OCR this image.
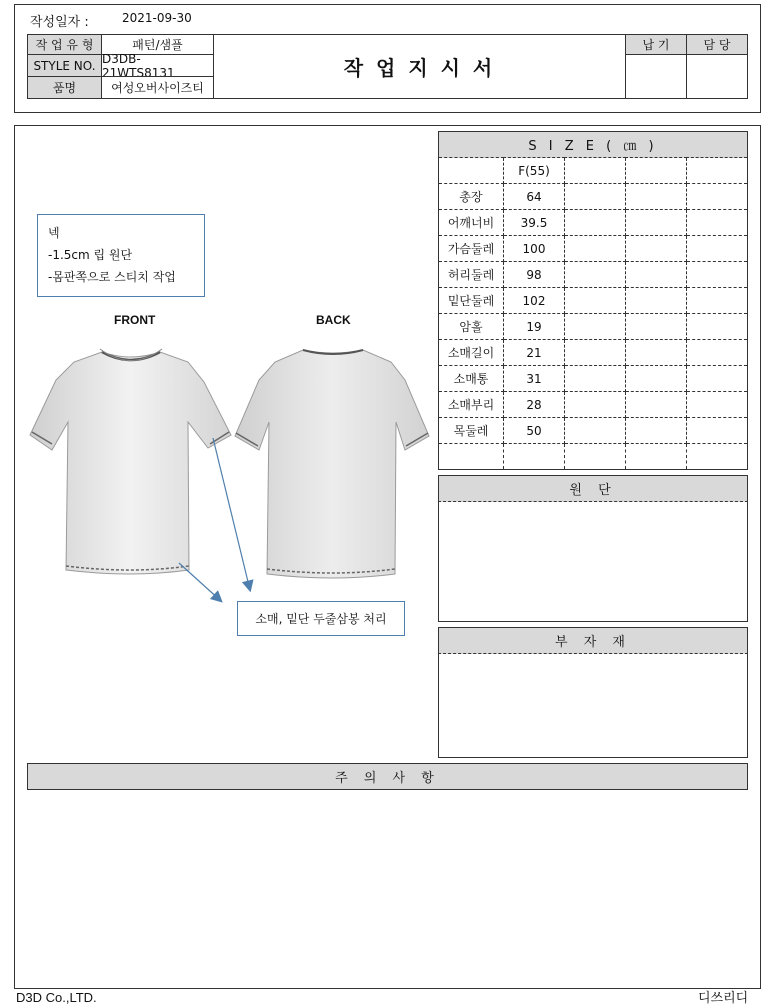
작성일자 :	2021-09-30
작 업 유 형	패턴/샘플
STYLE NO. D3DB-21WTS8131
품명	여성오버사이즈티
작 업 지 시 서
납 기	담 당
S I Z E ( ㎝ )				
	F(55)			
총장	64			
어깨너비	39.5			
가슴둘레	100			
허리둘레	98			
밑단둘레	102			
암홀	19			
소매길이	21			
소매통	31			
소매부리	28			
목둘레	50			

원 단
부 자 재
주 의 사 항
넥
-1.5cm 립 원단
-몸판쪽으로 스티치 작업
FRONT	BACK
소매, 밑단 두줄삼봉 처리
D3D Co.,LTD.	디쓰리디
